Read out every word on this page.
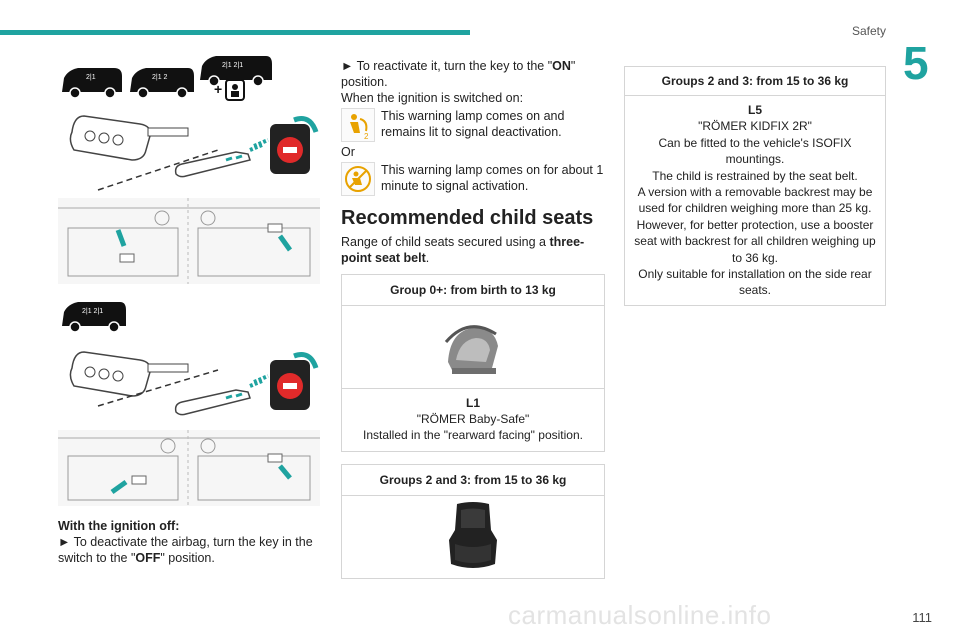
Safety
5
2|1	2|1 2
2|1 2|1
+
2|1 2|1
With the ignition off:
► To deactivate the airbag, turn the key in the switch to the "OFF" position.
► To reactivate it, turn the key to the "ON" position.
When the ignition is switched on:
2
This warning lamp comes on and remains lit to signal deactivation.
Or
This warning lamp comes on for about 1 minute to signal activation.
Recommended child seats
Range of child seats secured using a three-point seat belt.
Group 0+: from birth to 13 kg
L1
"RÖMER Baby-Safe"
Installed in the "rearward facing" position.
Groups 2 and 3: from 15 to 36 kg
Groups 2 and 3: from 15 to 36 kg
L5
"RÖMER KIDFIX 2R"
Can be fitted to the vehicle's ISOFIX mountings.
The child is restrained by the seat belt.
A version with a removable backrest may be used for children weighing more than 25 kg.
However, for better protection, use a booster seat with backrest for all children weighing up to 36 kg.
Only suitable for installation on the side rear seats.
carmanualsonline.info	111
